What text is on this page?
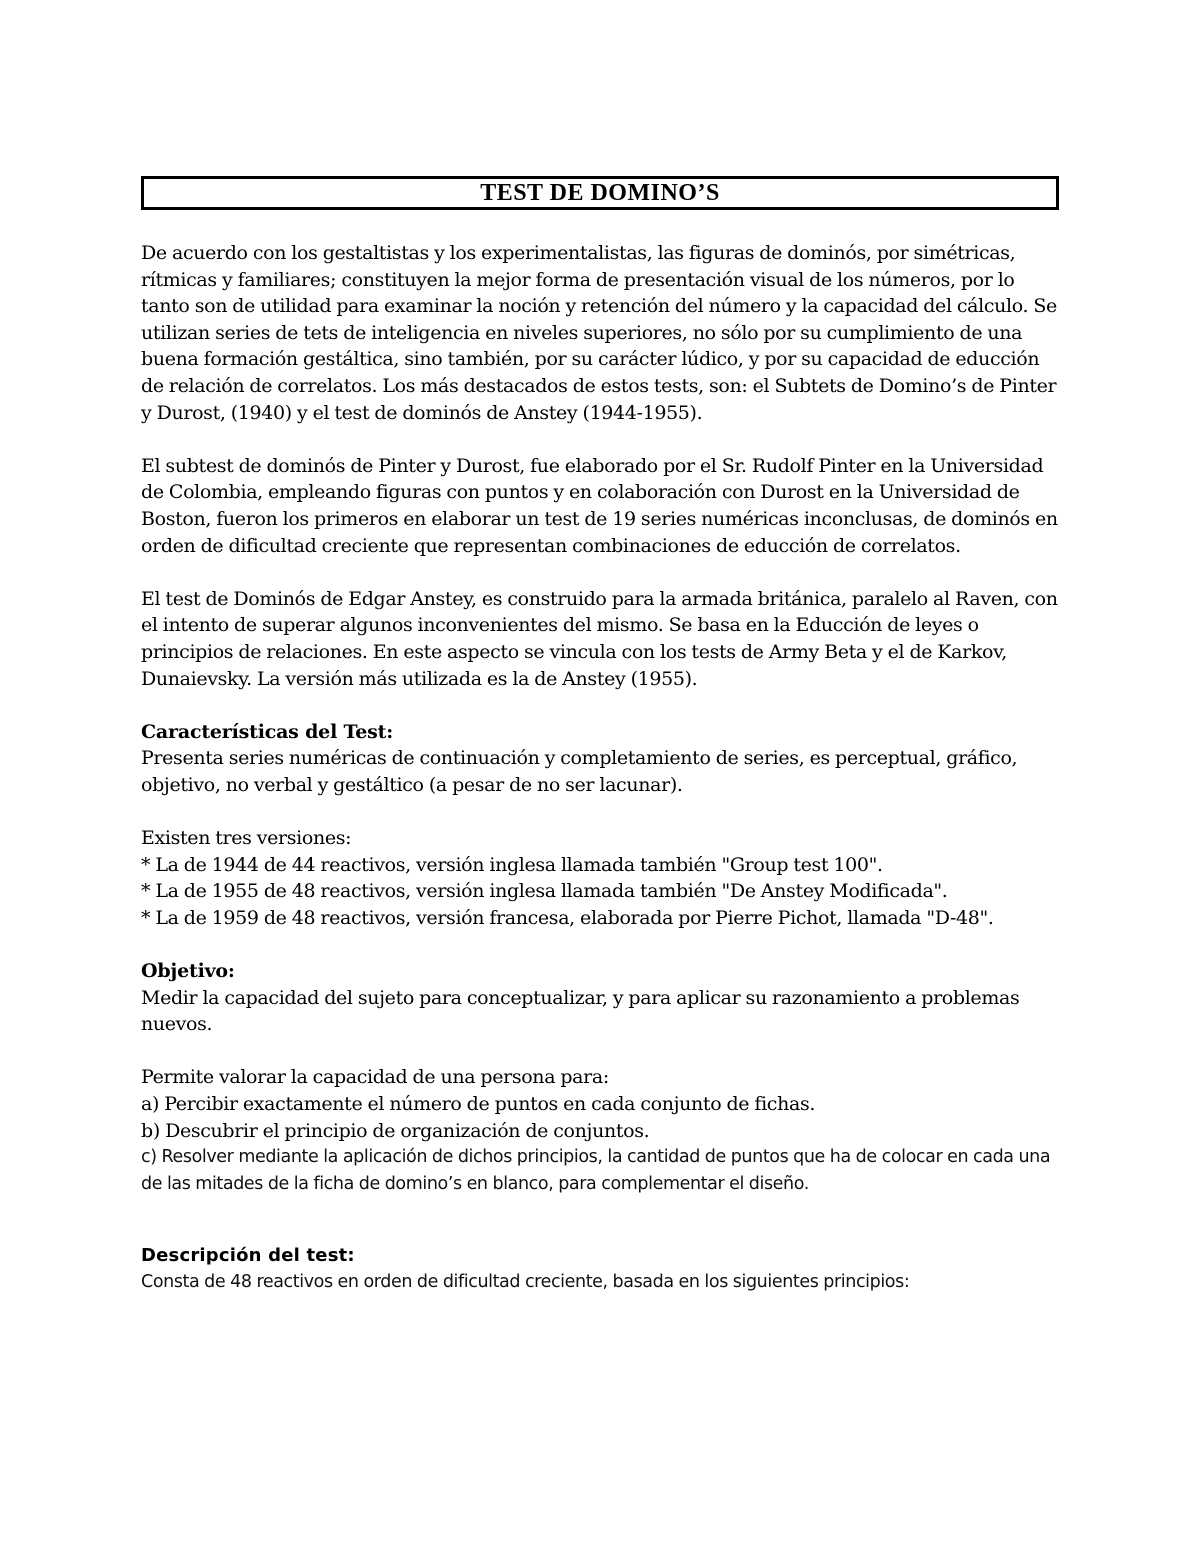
TEST DE DOMINO’S

De acuerdo con los gestaltistas y los experimentalistas, las figuras de dominós, por simétricas, rítmicas y familiares; constituyen la mejor forma de presentación visual de los números, por lo tanto son de utilidad para examinar la noción y retención del número y la capacidad del cálculo. Se utilizan series de tets de inteligencia en niveles superiores, no sólo por su cumplimiento de una buena formación gestáltica, sino también, por su carácter lúdico, y por su capacidad de educción de relación de correlatos. Los más destacados de estos tests, son: el Subtets de Domino’s de Pinter y Durost, (1940) y el test de dominós de Anstey (1944-1955).

El subtest de dominós de Pinter y Durost, fue elaborado por el Sr. Rudolf Pinter en la Universidad de Colombia, empleando figuras con puntos y en colaboración con Durost en la Universidad de Boston, fueron los primeros en elaborar un test de 19 series numéricas inconclusas, de dominós en orden de dificultad creciente que representan combinaciones de educción de correlatos.

El test de Dominós de Edgar Anstey, es construido para la armada británica, paralelo al Raven, con el intento de superar algunos inconvenientes del mismo. Se basa en la Educción de leyes o principios de relaciones. En este aspecto se vincula con los tests de Army Beta y el de Karkov, Dunaievsky. La versión más utilizada es la de Anstey (1955).

Características del Test:

Presenta series numéricas de continuación y completamiento de series, es perceptual, gráfico, objetivo, no verbal y gestáltico (a pesar de no ser lacunar).

Existen tres versiones:

* La de 1944 de 44 reactivos, versión inglesa llamada también "Group test 100".
* La de 1955 de 48 reactivos, versión inglesa llamada también "De Anstey Modificada".
* La de 1959 de 48 reactivos, versión francesa, elaborada por Pierre Pichot, llamada "D-48".

Objetivo:

Medir la capacidad del sujeto para conceptualizar, y para aplicar su razonamiento a problemas nuevos.

Permite valorar la capacidad de una persona para:

a) Percibir exactamente el número de puntos en cada conjunto de fichas.

b) Descubrir el principio de organización de conjuntos.

c) Resolver mediante la aplicación de dichos principios, la cantidad de puntos que ha de colocar en cada una de las mitades de la ficha de domino’s en blanco, para complementar el diseño.

Descripción del test:

Consta de 48 reactivos en orden de dificultad creciente, basada en los siguientes principios:
